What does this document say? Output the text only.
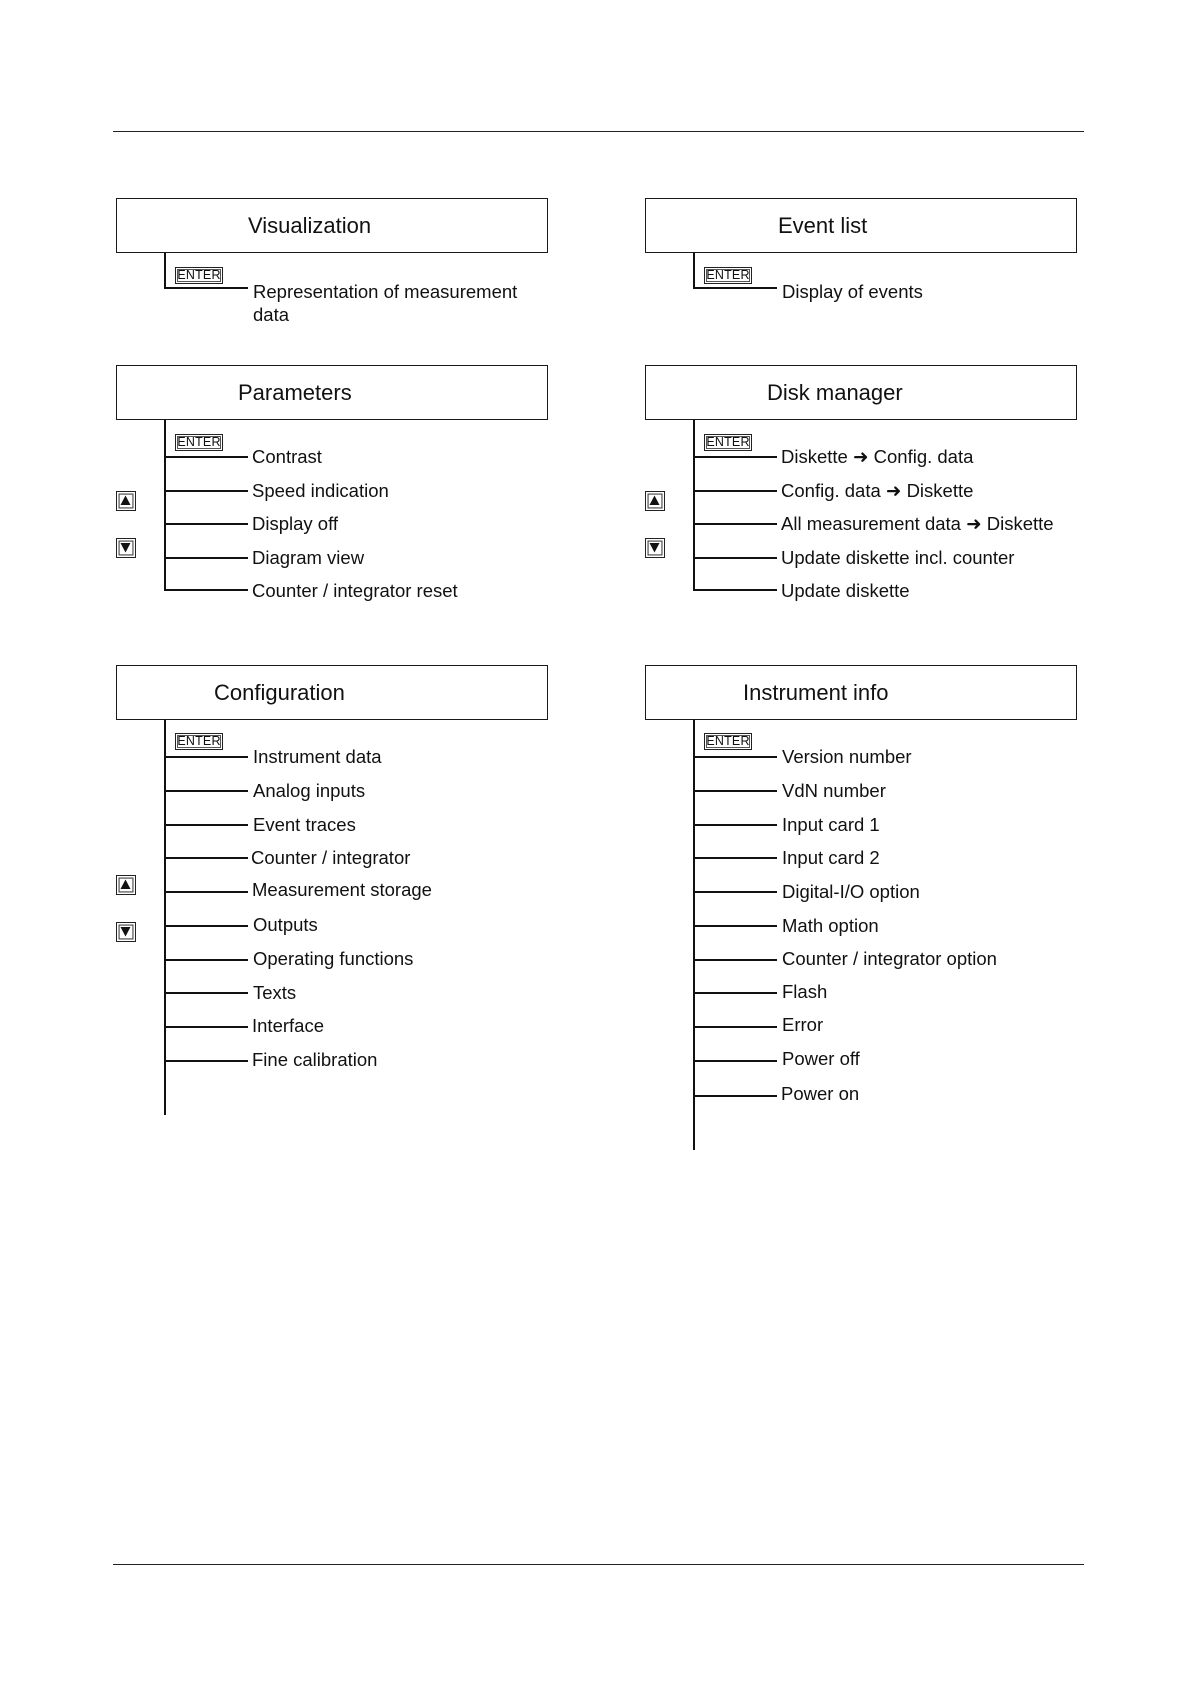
Visualization
ENTER
Representation of measurement
data
Event list
ENTER
Display of events
Parameters
ENTER
Contrast
Speed indication
Display off
Diagram view
Counter / integrator reset
Disk manager
ENTER
Diskette ➜ Config. data
Config. data ➜ Diskette
All measurement data ➜ Diskette
Update diskette incl. counter
Update diskette
Configuration
ENTER
Instrument data
Analog inputs
Event traces
Counter / integrator
Measurement storage
Outputs
Operating functions
Texts
Interface
Fine calibration
Instrument info
ENTER
Version number
VdN number
Input card 1
Input card 2
Digital-I/O option
Math option
Counter / integrator option
Flash
Error
Power off
Power on
